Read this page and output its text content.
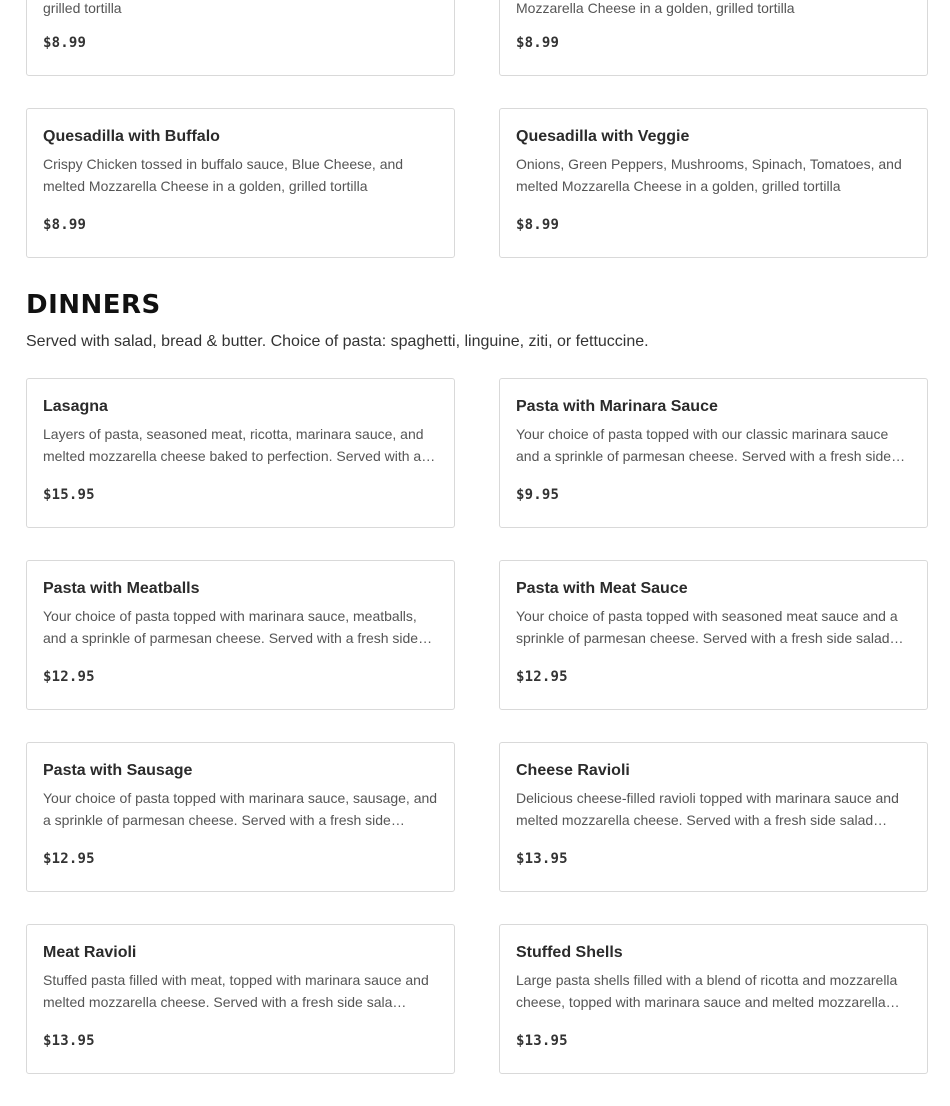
grilled tortilla
$8.99
Mozzarella Cheese in a golden, grilled tortilla
$8.99
Quesadilla with Buffalo
Crispy Chicken tossed in buffalo sauce, Blue Cheese, and melted Mozzarella Cheese in a golden, grilled tortilla
$8.99
Quesadilla with Veggie
Onions, Green Peppers, Mushrooms, Spinach, Tomatoes, and melted Mozzarella Cheese in a golden, grilled tortilla
$8.99
DINNERS

Served with salad, bread & butter. Choice of pasta: spaghetti, linguine, ziti, or fettuccine.

Lasagna
Layers of pasta, seasoned meat, ricotta, marinara sauce, and melted mozzarella cheese baked to perfection. Served with a…
$15.95
Pasta with Marinara Sauce
Your choice of pasta topped with our classic marinara sauce and a sprinkle of parmesan cheese. Served with a fresh side…
$9.95
Pasta with Meatballs
Your choice of pasta topped with marinara sauce, meatballs, and a sprinkle of parmesan cheese. Served with a fresh side…
$12.95
Pasta with Meat Sauce
Your choice of pasta topped with seasoned meat sauce and a sprinkle of parmesan cheese. Served with a fresh side salad…
$12.95
Pasta with Sausage
Your choice of pasta topped with marinara sauce, sausage, and a sprinkle of parmesan cheese. Served with a fresh side…
$12.95
Cheese Ravioli
Delicious cheese-filled ravioli topped with marinara sauce and melted mozzarella cheese. Served with a fresh side salad…
$13.95
Meat Ravioli
Stuffed pasta filled with meat, topped with marinara sauce and melted mozzarella cheese. Served with a fresh side sala…
$13.95
Stuffed Shells
Large pasta shells filled with a blend of ricotta and mozzarella cheese, topped with marinara sauce and melted mozzarella…
$13.95
